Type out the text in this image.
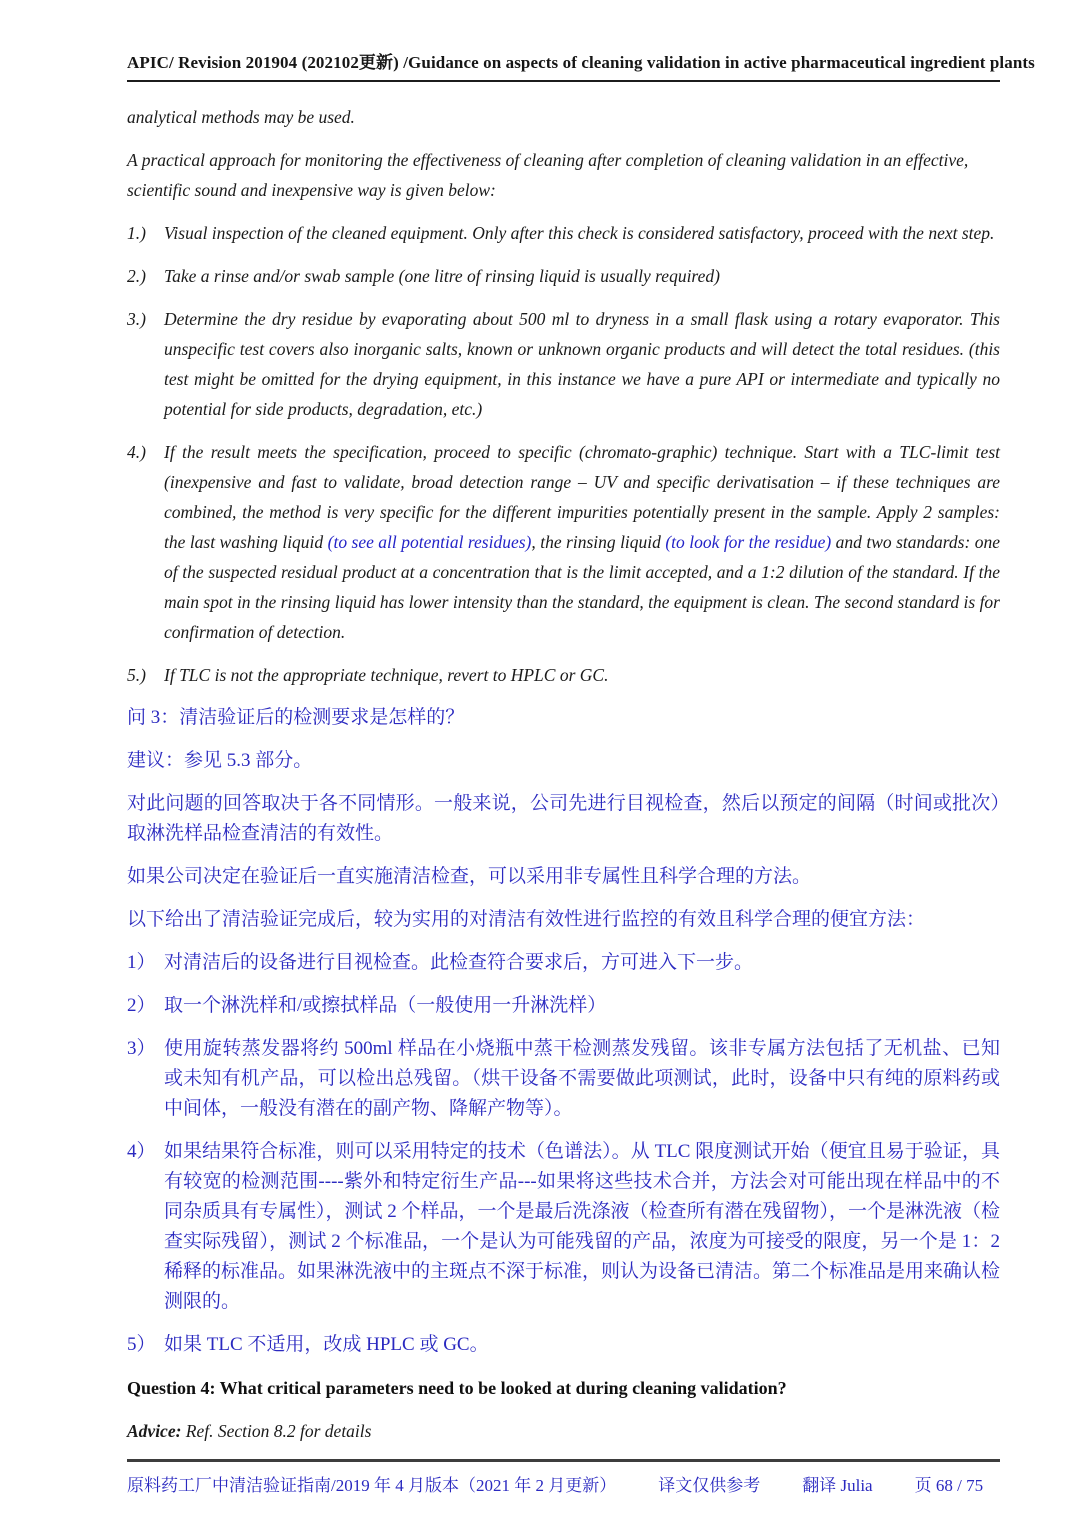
APIC/ Revision 201904 (202102更新) /Guidance on aspects of cleaning validation in active pharmaceutical ingredient plants
analytical methods may be used.
A practical approach for monitoring the effectiveness of cleaning after completion of cleaning validation in an effective, scientific sound and inexpensive way is given below:
1.)	Visual inspection of the cleaned equipment. Only after this check is considered satisfactory, proceed with the next step.
2.)	Take a rinse and/or swab sample (one litre of rinsing liquid is usually required)
3.)	Determine the dry residue by evaporating about 500 ml to dryness in a small flask using a rotary evaporator. This unspecific test covers also inorganic salts, known or unknown organic products and will detect the total residues. (this test might be omitted for the drying equipment, in this instance we have a pure API or intermediate and typically no potential for side products, degradation, etc.)
4.)	If the result meets the specification, proceed to specific (chromato-graphic) technique. Start with a TLC-limit test (inexpensive and fast to validate, broad detection range – UV and specific derivatisation – if these techniques are combined, the method is very specific for the different impurities potentially present in the sample. Apply 2 samples: the last washing liquid (to see all potential residues), the rinsing liquid (to look for the residue) and two standards: one of the suspected residual product at a concentration that is the limit accepted, and a 1:2 dilution of the standard. If the main spot in the rinsing liquid has lower intensity than the standard, the equipment is clean. The second standard is for confirmation of detection.
5.)	If TLC is not the appropriate technique, revert to HPLC or GC.
问 3：清洁验证后的检测要求是怎样的？
建议：参见 5.3 部分。
对此问题的回答取决于各不同情形。一般来说，公司先进行目视检查，然后以预定的间隔（时间或批次）取淋洗样品检查清洁的有效性。
如果公司决定在验证后一直实施清洁检查，可以采用非专属性且科学合理的方法。
以下给出了清洁验证完成后，较为实用的对清洁有效性进行监控的有效且科学合理的便宜方法：
1） 对清洁后的设备进行目视检查。此检查符合要求后，方可进入下一步。
2） 取一个淋洗样和/或擦拭样品（一般使用一升淋洗样）
3） 使用旋转蒸发器将约 500ml 样品在小烧瓶中蒸干检测蒸发残留。该非专属方法包括了无机盐、已知或未知有机产品，可以检出总残留。（烘干设备不需要做此项测试，此时，设备中只有纯的原料药或中间体，一般没有潜在的副产物、降解产物等）。
4） 如果结果符合标准，则可以采用特定的技术（色谱法）。从 TLC 限度测试开始（便宜且易于验证，具有较宽的检测范围----紫外和特定衍生产品---如果将这些技术合并，方法会对可能出现在样品中的不同杂质具有专属性），测试 2 个样品，一个是最后洗涤液（检查所有潜在残留物），一个是淋洗液（检查实际残留），测试 2 个标准品，一个是认为可能残留的产品，浓度为可接受的限度，另一个是 1：2 稀释的标准品。如果淋洗液中的主斑点不深于标准，则认为设备已清洁。第二个标准品是用来确认检测限的。
5） 如果 TLC 不适用，改成 HPLC 或 GC。
Question 4: What critical parameters need to be looked at during cleaning validation?
Advice: Ref. Section 8.2 for details
原料药工厂中清洁验证指南/2019 年 4 月版本（2021 年 2 月更新） 译文仅供参考 翻译 Julia 页 68 / 75
